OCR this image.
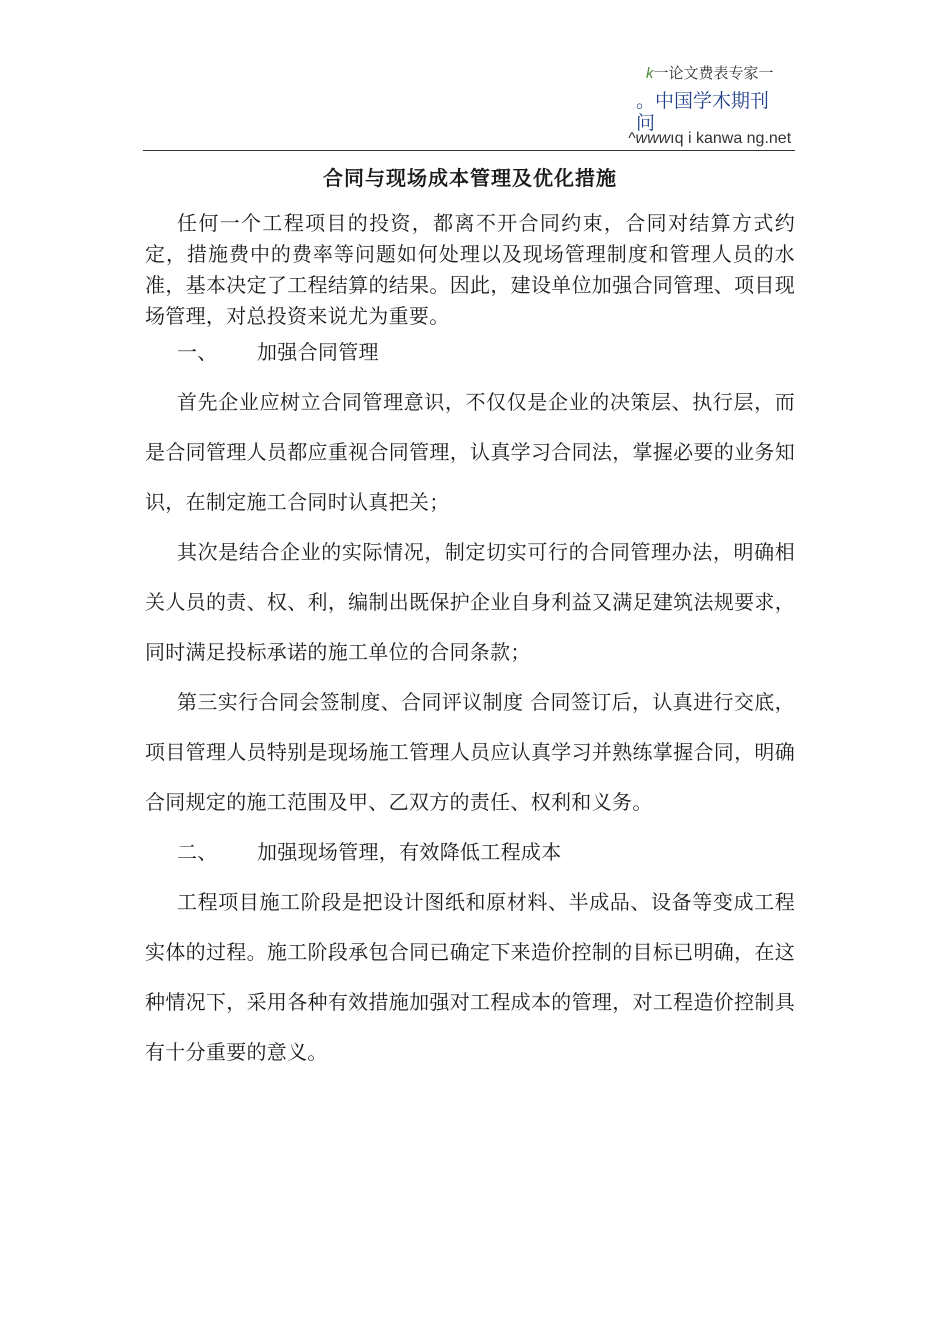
k一论文费表专家一
。中国学木期刊
问
^wwwıq i kanwa ng.net
合同与现场成本管理及优化措施
任何一个工程项目的投资，都离不开合同约束，合同对结算方式约定，措施费中的费率等问题如何处理以及现场管理制度和管理人员的水准，基本决定了工程结算的结果。因此，建设单位加强合同管理、项目现场管理，对总投资来说尤为重要。

一、 加强合同管理

首先企业应树立合同管理意识，不仅仅是企业的决策层、执行层，而是合同管理人员都应重视合同管理，认真学习合同法，掌握必要的业务知识，在制定施工合同时认真把关；

其次是结合企业的实际情况，制定切实可行的合同管理办法，明确相关人员的责、权、利，编制出既保护企业自身利益又满足建筑法规要求，同时满足投标承诺的施工单位的合同条款；

第三实行合同会签制度、合同评议制度 合同签订后，认真进行交底，项目管理人员特别是现场施工管理人员应认真学习并熟练掌握合同，明确合同规定的施工范围及甲、乙双方的责任、权利和义务。

二、 加强现场管理，有效降低工程成本

工程项目施工阶段是把设计图纸和原材料、半成品、设备等变成工程实体的过程。施工阶段承包合同已确定下来造价控制的目标已明确，在这种情况下，采用各种有效措施加强对工程成本的管理，对工程造价控制具有十分重要的意义。
